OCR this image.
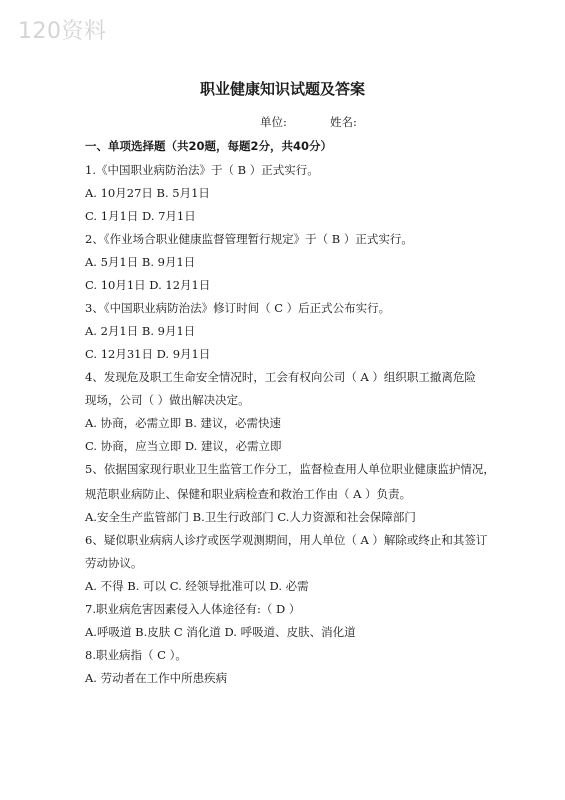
120资料
职业健康知识试题及答案
单位:	姓名:
一、单项选择题（共20题，每题2分，共40分）
1.《中国职业病防治法》于（ B ）正式实行。
A. 10月27日 B. 5月1日
C. 1月1日 D. 7月1日
2、《作业场合职业健康监督管理暂行规定》于（ B ）正式实行。
A. 5月1日 B. 9月1日
C. 10月1日 D. 12月1日
3、《中国职业病防治法》修订时间（ C ）后正式公布实行。
A. 2月1日 B. 9月1日
C. 12月31日 D. 9月1日
4、发现危及职工生命安全情况时，工会有权向公司（ A ）组织职工撤离危险
现场，公司（ ）做出解决决定。
A. 协商，必需立即 B. 建议，必需快速
C. 协商，应当立即 D. 建议，必需立即
5、依据国家现行职业卫生监管工作分工，监督检查用人单位职业健康监护情况，
规范职业病防止、保健和职业病检查和救治工作由（ A ）负责。
A.安全生产监管部门 B.卫生行政部门 C.人力资源和社会保障部门
6、疑似职业病病人诊疗或医学观测期间，用人单位（ A ）解除或终止和其签订
劳动协议。
A. 不得 B. 可以 C. 经领导批准可以 D. 必需
7.职业病危害因素侵入人体途径有:（ D ）
A.呼吸道 B.皮肤 C 消化道 D. 呼吸道、皮肤、消化道
8.职业病指（ C ）。
A. 劳动者在工作中所患疾病
